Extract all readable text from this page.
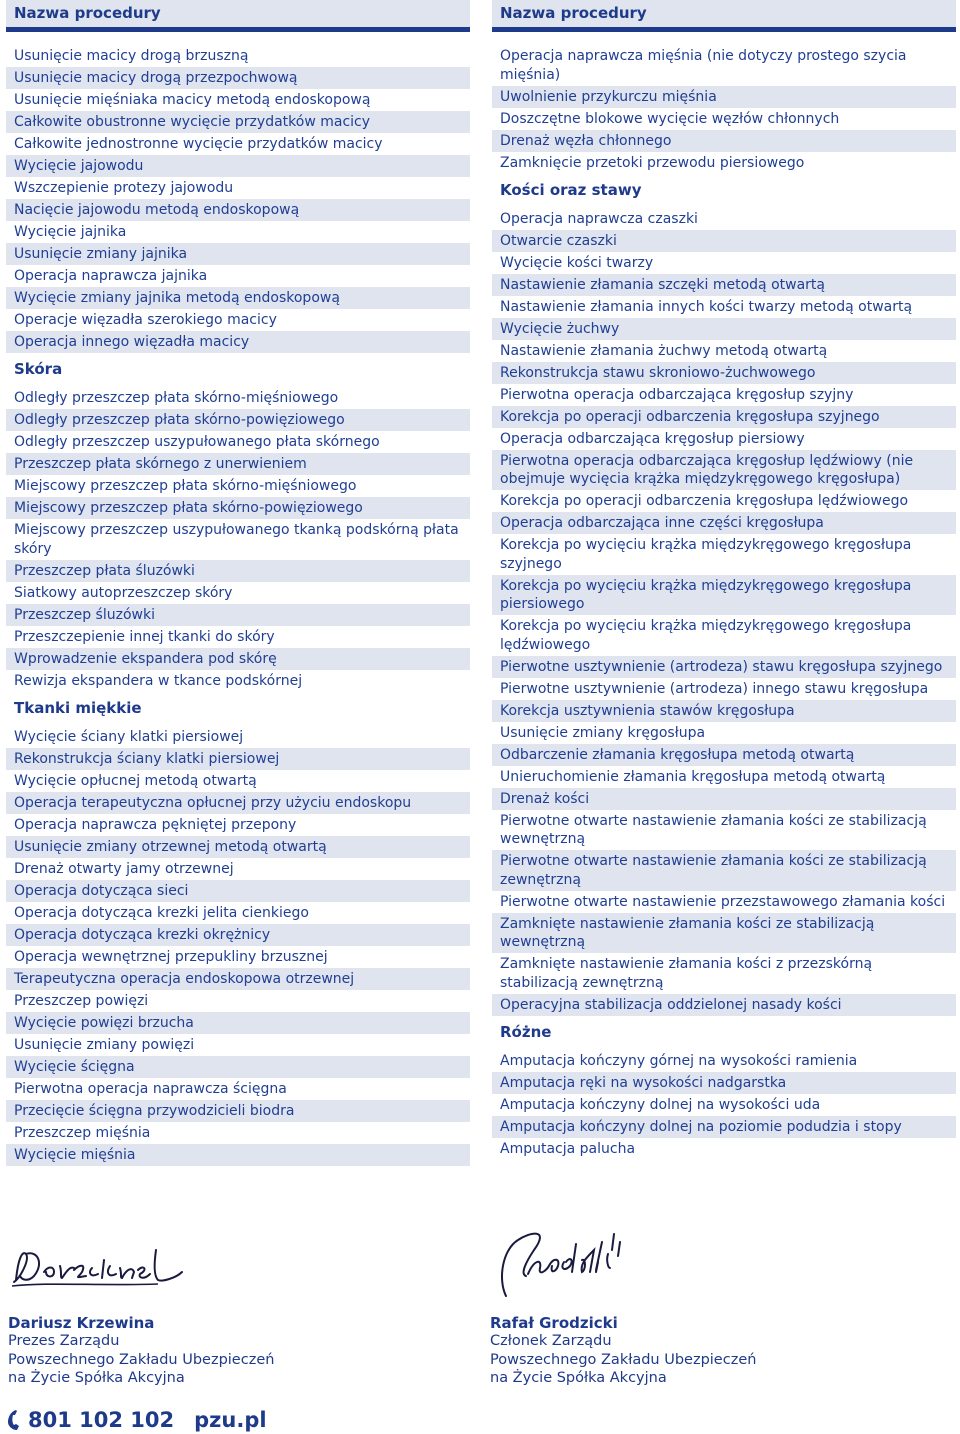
Nazwa procedury
Usunięcie macicy drogą brzuszną
Usunięcie macicy drogą przezpochwową
Usunięcie mięśniaka macicy metodą endoskopową
Całkowite obustronne wycięcie przydatków macicy
Całkowite jednostronne wycięcie przydatków macicy
Wycięcie jajowodu
Wszczepienie protezy jajowodu
Nacięcie jajowodu metodą endoskopową
Wycięcie jajnika
Usunięcie zmiany jajnika
Operacja naprawcza jajnika
Wycięcie zmiany jajnika metodą endoskopową
Operacje więzadła szerokiego macicy
Operacja innego więzadła macicy
Skóra
Odległy przeszczep płata skórno-mięśniowego
Odległy przeszczep płata skórno-powięziowego
Odległy przeszczep uszypułowanego płata skórnego
Przeszczep płata skórnego z unerwieniem
Miejscowy przeszczep płata skórno-mięśniowego
Miejscowy przeszczep płata skórno-powięziowego
Miejscowy przeszczep uszypułowanego tkanką podskórną płata skóry
Przeszczep płata śluzówki
Siatkowy autoprzeszczep skóry
Przeszczep śluzówki
Przeszczepienie innej tkanki do skóry
Wprowadzenie ekspandera pod skórę
Rewizja ekspandera w tkance podskórnej
Tkanki miękkie
Wycięcie ściany klatki piersiowej
Rekonstrukcja ściany klatki piersiowej
Wycięcie opłucnej metodą otwartą
Operacja terapeutyczna opłucnej przy użyciu endoskopu
Operacja naprawcza pękniętej przepony
Usunięcie zmiany otrzewnej metodą otwartą
Drenaż otwarty jamy otrzewnej
Operacja dotycząca sieci
Operacja dotycząca krezki jelita cienkiego
Operacja dotycząca krezki okrężnicy
Operacja wewnętrznej przepukliny brzusznej
Terapeutyczna operacja endoskopowa otrzewnej
Przeszczep powięzi
Wycięcie powięzi brzucha
Usunięcie zmiany powięzi
Wycięcie ścięgna
Pierwotna operacja naprawcza ścięgna
Przecięcie ścięgna przywodzicieli biodra
Przeszczep mięśnia
Wycięcie mięśnia
Nazwa procedury
Operacja naprawcza mięśnia (nie dotyczy prostego szycia mięśnia)
Uwolnienie przykurczu mięśnia
Doszczętne blokowe wycięcie węzłów chłonnych
Drenaż węzła chłonnego
Zamknięcie przetoki przewodu piersiowego
Kości oraz stawy
Operacja naprawcza czaszki
Otwarcie czaszki
Wycięcie kości twarzy
Nastawienie złamania szczęki metodą otwartą
Nastawienie złamania innych kości twarzy metodą otwartą
Wycięcie żuchwy
Nastawienie złamania żuchwy metodą otwartą
Rekonstrukcja stawu skroniowo-żuchwowego
Pierwotna operacja odbarczająca kręgosłup szyjny
Korekcja po operacji odbarczenia kręgosłupa szyjnego
Operacja odbarczająca kręgosłup piersiowy
Pierwotna operacja odbarczająca kręgosłup lędźwiowy (nie obejmuje wycięcia krążka międzykręgowego kręgosłupa)
Korekcja po operacji odbarczenia kręgosłupa lędźwiowego
Operacja odbarczająca inne części kręgosłupa
Korekcja po wycięciu krążka międzykręgowego kręgosłupa szyjnego
Korekcja po wycięciu krążka międzykręgowego kręgosłupa piersiowego
Korekcja po wycięciu krążka międzykręgowego kręgosłupa lędźwiowego
Pierwotne usztywnienie (artrodeza) stawu kręgosłupa szyjnego
Pierwotne usztywnienie (artrodeza) innego stawu kręgosłupa
Korekcja usztywnienia stawów kręgosłupa
Usunięcie zmiany kręgosłupa
Odbarczenie złamania kręgosłupa metodą otwartą
Unieruchomienie złamania kręgosłupa metodą otwartą
Drenaż kości
Pierwotne otwarte nastawienie złamania kości ze stabilizacją wewnętrzną
Pierwotne otwarte nastawienie złamania kości ze stabilizacją zewnętrzną
Pierwotne otwarte nastawienie przezstawowego złamania kości
Zamknięte nastawienie złamania kości ze stabilizacją wewnętrzną
Zamknięte nastawienie złamania kości z przezskórną stabilizacją zewnętrzną
Operacyjna stabilizacja oddzielonej nasady kości
Różne
Amputacja kończyny górnej na wysokości ramienia
Amputacja ręki na wysokości nadgarstka
Amputacja kończyny dolnej na wysokości uda
Amputacja kończyny dolnej na poziomie podudzia i stopy
Amputacja palucha
Dariusz Krzewina
Prezes Zarządu
Powszechnego Zakładu Ubezpieczeń
na Życie Spółka Akcyjna
Rafał Grodzicki
Członek Zarządu
Powszechnego Zakładu Ubezpieczeń
na Życie Spółka Akcyjna
801 102 102 pzu.pl
